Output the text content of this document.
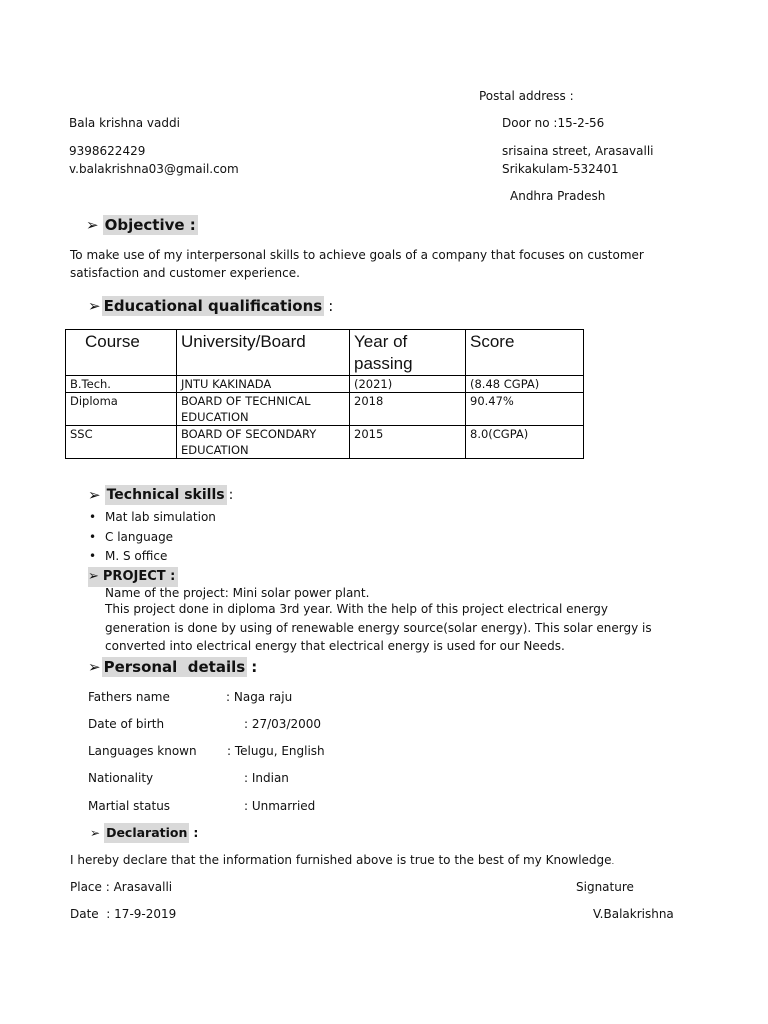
Postal address :
Bala krishna vaddi	Door no :15-2-56
9398622429	srisaina street, Arasavalli
v.balakrishna03@gmail.com	Srikakulam-532401
Andhra Pradesh
➢ Objective :
To make use of my interpersonal skills to achieve goals of a company that focuses on customer
satisfaction and customer experience.
➢ Educational qualifications :
Course	University/Board	Year of passing	Score
B.Tech.	JNTU KAKINADA	(2021)	(8.48 CGPA)
Diploma	BOARD OF TECHNICAL EDUCATION	2018	90.47%
SSC	BOARD OF SECONDARY EDUCATION	2015	8.0(CGPA)
➢ Technical skills :
• Mat lab simulation
• C language
• M. S office
➢ PROJECT :
Name of the project: Mini solar power plant.
This project done in diploma 3rd year. With the help of this project electrical energy
generation is done by using of renewable energy source(solar energy). This solar energy is
converted into electrical energy that electrical energy is used for our Needs.
➢ Personal  details :
Fathers name	: Naga raju
Date of birth	: 27/03/2000
Languages known	: Telugu, English
Nationality	: Indian
Martial status	: Unmarried
➢ Declaration :
I hereby declare that the information furnished above is true to the best of my Knowledge.
Place : Arasavalli	Signature
Date  : 17-9-2019	V.Balakrishna
